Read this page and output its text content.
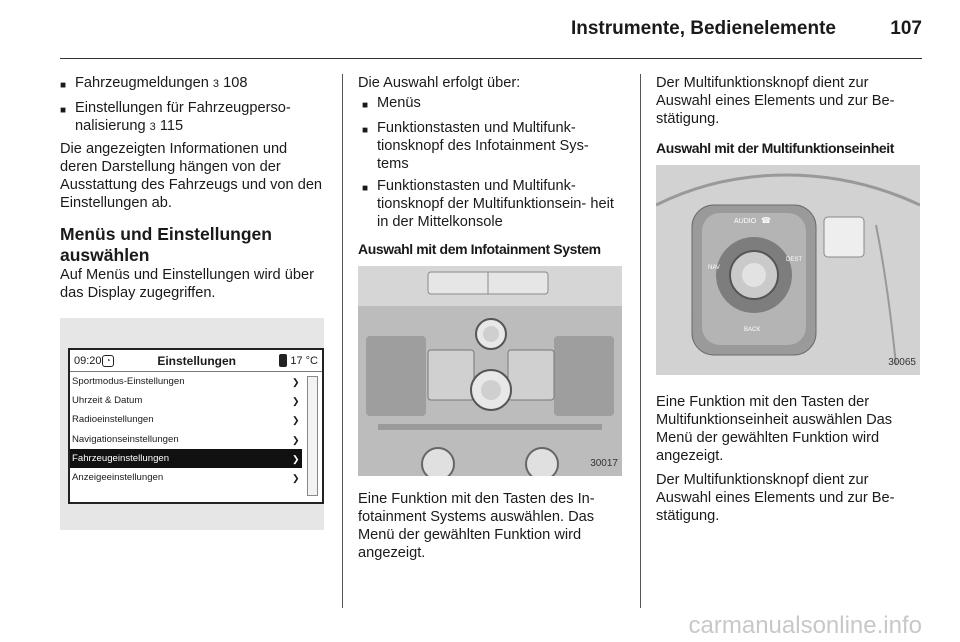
Instrumente, Bedienelemente	107
■ Fahrzeugmeldungen 3 108
■ Einstellungen für Fahrzeugperso- nalisierung 3 115

Die angezeigten Informationen und deren Darstellung hängen von der Ausstattung des Fahrzeugs und von den Einstellungen ab.

Menüs und Einstellungen auswählen

Auf Menüs und Einstellungen wird über das Display zugegriffen.

09:20 ◔	Einstellungen	17 °C
Sportmodus-Einstellungen	❯
Uhrzeit & Datum	❯
Radioeinstellungen	❯
Navigationseinstellungen	❯
Fahrzeugeinstellungen	❯
Anzeigeeinstellungen	❯

Die Auswahl erfolgt über:

■ Menüs
■ Funktionstasten und Multifunk- tionsknopf des Infotainment Sys- tems
■ Funktionstasten und Multifunk- tionsknopf der Multifunktionsein- heit in der Mittelkonsole
Auswahl mit dem Infotainment System
30017

Eine Funktion mit den Tasten des In- fotainment Systems auswählen. Das Menü der gewählten Funktion wird angezeigt.

Der Multifunktionsknopf dient zur Auswahl eines Elements und zur Be- stätigung.

Auswahl mit der Multifunktionseinheit
AUDIO ☎
NAV
DEST
BACK
30065

Eine Funktion mit den Tasten der Multifunktionseinheit auswählen Das Menü der gewählten Funktion wird angezeigt.

Der Multifunktionsknopf dient zur Auswahl eines Elements und zur Be- stätigung.

carmanualsonline.info
